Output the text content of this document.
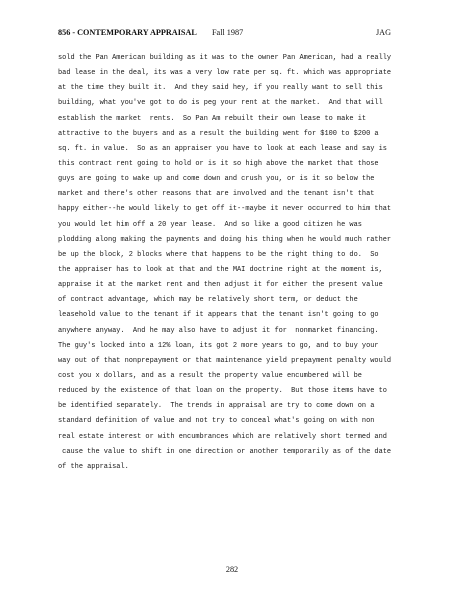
856 - CONTEMPORARY APPRAISAL Fall 1987	JAG
sold the Pan American building as it was to the owner Pan American, had a really
bad lease in the deal, its was a very low rate per sq. ft. which was appropriate
at the time they built it.  And they said hey, if you really want to sell this
building, what you've got to do is peg your rent at the market.  And that will
establish the market  rents.  So Pan Am rebuilt their own lease to make it
attractive to the buyers and as a result the building went for $100 to $200 a
sq. ft. in value.  So as an appraiser you have to look at each lease and say is
this contract rent going to hold or is it so high above the market that those
guys are going to wake up and come down and crush you, or is it so below the
market and there's other reasons that are involved and the tenant isn't that
happy either--he would likely to get off it--maybe it never occurred to him that
you would let him off a 20 year lease.  And so like a good citizen he was
plodding along making the payments and doing his thing when he would much rather
be up the block, 2 blocks where that happens to be the right thing to do.  So
the appraiser has to look at that and the MAI doctrine right at the moment is,
appraise it at the market rent and then adjust it for either the present value
of contract advantage, which may be relatively short term, or deduct the
leasehold value to the tenant if it appears that the tenant isn't going to go
anywhere anyway.  And he may also have to adjust it for  nonmarket financing.
The guy's locked into a 12% loan, its got 2 more years to go, and to buy your
way out of that nonprepayment or that maintenance yield prepayment penalty would
cost you x dollars, and as a result the property value encumbered will be
reduced by the existence of that loan on the property.  But those items have to
be identified separately.  The trends in appraisal are try to come down on a
standard definition of value and not try to conceal what's going on with non
real estate interest or with encumbrances which are relatively short termed and
cause the value to shift in one direction or another temporarily as of the date
of the appraisal.
282
